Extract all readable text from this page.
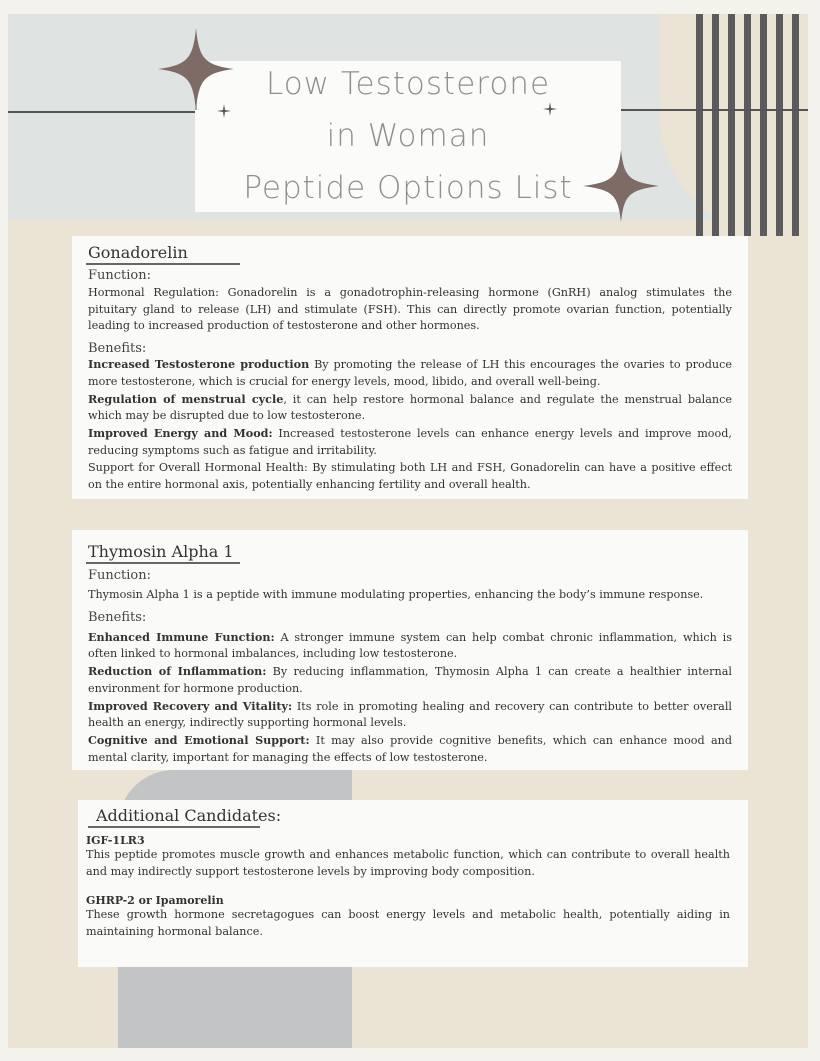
Low Testosterone
in Woman
Peptide Options List
Gonadorelin
Function:

Hormonal Regulation: Gonadorelin is a gonadotrophin-releasing hormone (GnRH) analog stimulates the pituitary gland to release (LH) and stimulate (FSH). This can directly promote ovarian function, potentially leading to increased production of testosterone and other hormones.

Benefits:

Increased Testosterone production By promoting the release of LH this encourages the ovaries to produce more testosterone, which is crucial for energy levels, mood, libido, and overall well-being.

Regulation of menstrual cycle, it can help restore hormonal balance and regulate the menstrual balance which may be disrupted due to low testosterone.

Improved Energy and Mood: Increased testosterone levels can enhance energy levels and improve mood, reducing symptoms such as fatigue and irritability.

Support for Overall Hormonal Health: By stimulating both LH and FSH, Gonadorelin can have a positive effect on the entire hormonal axis, potentially enhancing fertility and overall health.

Thymosin Alpha 1
Function:

Thymosin Alpha 1 is a peptide with immune modulating properties, enhancing the body’s immune response.

Benefits:

Enhanced Immune Function: A stronger immune system can help combat chronic inflammation, which is often linked to hormonal imbalances, including low testosterone.

Reduction of Inflammation: By reducing inflammation, Thymosin Alpha 1 can create a healthier internal environment for hormone production.

Improved Recovery and Vitality: Its role in promoting healing and recovery can contribute to better overall health an energy, indirectly supporting hormonal levels.

Cognitive and Emotional Support: It may also provide cognitive benefits, which can enhance mood and mental clarity, important for managing the effects of low testosterone.

Additional Candidates:
IGF-1LR3

This peptide promotes muscle growth and enhances metabolic function, which can contribute to overall health and may indirectly support testosterone levels by improving body composition.

GHRP-2 or Ipamorelin

These growth hormone secretagogues can boost energy levels and metabolic health, potentially aiding in maintaining hormonal balance.
